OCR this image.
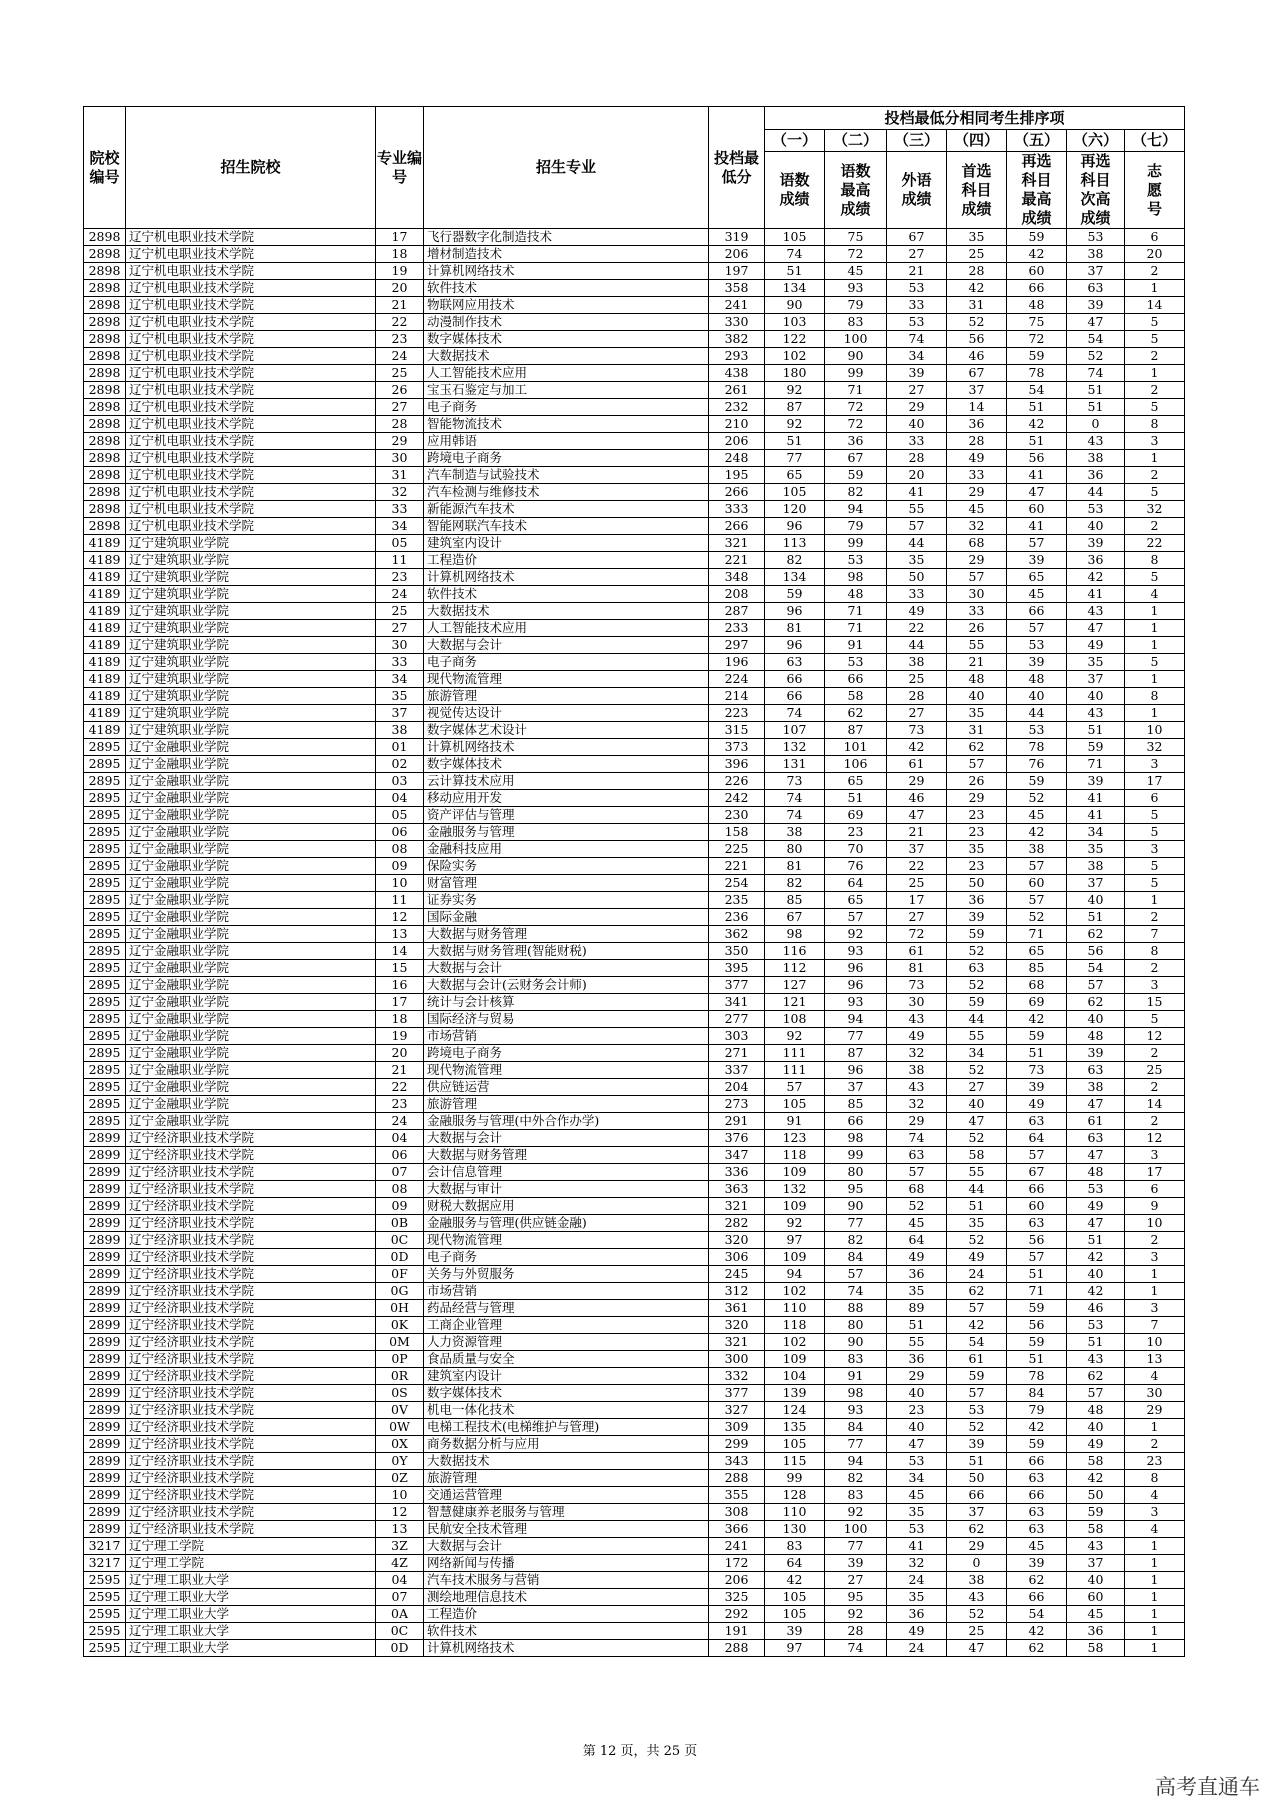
院校编号	招生院校	专业编号	招生专业	投档最低分	投档最低分相同考生排序项						
					（一）	（二）	（三）	（四）	（五）	（六）	（七）
					语数成绩	语数最高成绩	外语成绩	首选科目成绩	再选科目最高成绩	再选科目次高成绩	志愿号
2898	辽宁机电职业技术学院	17	飞行器数字化制造技术	319	105	75	67	35	59	53	6
2898	辽宁机电职业技术学院	18	增材制造技术	206	74	72	27	25	42	38	20
2898	辽宁机电职业技术学院	19	计算机网络技术	197	51	45	21	28	60	37	2
2898	辽宁机电职业技术学院	20	软件技术	358	134	93	53	42	66	63	1
2898	辽宁机电职业技术学院	21	物联网应用技术	241	90	79	33	31	48	39	14
2898	辽宁机电职业技术学院	22	动漫制作技术	330	103	83	53	52	75	47	5
2898	辽宁机电职业技术学院	23	数字媒体技术	382	122	100	74	56	72	54	5
2898	辽宁机电职业技术学院	24	大数据技术	293	102	90	34	46	59	52	2
2898	辽宁机电职业技术学院	25	人工智能技术应用	438	180	99	39	67	78	74	1
2898	辽宁机电职业技术学院	26	宝玉石鉴定与加工	261	92	71	27	37	54	51	2
2898	辽宁机电职业技术学院	27	电子商务	232	87	72	29	14	51	51	5
2898	辽宁机电职业技术学院	28	智能物流技术	210	92	72	40	36	42	0	8
2898	辽宁机电职业技术学院	29	应用韩语	206	51	36	33	28	51	43	3
2898	辽宁机电职业技术学院	30	跨境电子商务	248	77	67	28	49	56	38	1
2898	辽宁机电职业技术学院	31	汽车制造与试验技术	195	65	59	20	33	41	36	2
2898	辽宁机电职业技术学院	32	汽车检测与维修技术	266	105	82	41	29	47	44	5
2898	辽宁机电职业技术学院	33	新能源汽车技术	333	120	94	55	45	60	53	32
2898	辽宁机电职业技术学院	34	智能网联汽车技术	266	96	79	57	32	41	40	2
4189	辽宁建筑职业学院	05	建筑室内设计	321	113	99	44	68	57	39	22
4189	辽宁建筑职业学院	11	工程造价	221	82	53	35	29	39	36	8
4189	辽宁建筑职业学院	23	计算机网络技术	348	134	98	50	57	65	42	5
4189	辽宁建筑职业学院	24	软件技术	208	59	48	33	30	45	41	4
4189	辽宁建筑职业学院	25	大数据技术	287	96	71	49	33	66	43	1
4189	辽宁建筑职业学院	27	人工智能技术应用	233	81	71	22	26	57	47	1
4189	辽宁建筑职业学院	30	大数据与会计	297	96	91	44	55	53	49	1
4189	辽宁建筑职业学院	33	电子商务	196	63	53	38	21	39	35	5
4189	辽宁建筑职业学院	34	现代物流管理	224	66	66	25	48	48	37	1
4189	辽宁建筑职业学院	35	旅游管理	214	66	58	28	40	40	40	8
4189	辽宁建筑职业学院	37	视觉传达设计	223	74	62	27	35	44	43	1
4189	辽宁建筑职业学院	38	数字媒体艺术设计	315	107	87	73	31	53	51	10
2895	辽宁金融职业学院	01	计算机网络技术	373	132	101	42	62	78	59	32
2895	辽宁金融职业学院	02	数字媒体技术	396	131	106	61	57	76	71	3
2895	辽宁金融职业学院	03	云计算技术应用	226	73	65	29	26	59	39	17
2895	辽宁金融职业学院	04	移动应用开发	242	74	51	46	29	52	41	6
2895	辽宁金融职业学院	05	资产评估与管理	230	74	69	47	23	45	41	5
2895	辽宁金融职业学院	06	金融服务与管理	158	38	23	21	23	42	34	5
2895	辽宁金融职业学院	08	金融科技应用	225	80	70	37	35	38	35	3
2895	辽宁金融职业学院	09	保险实务	221	81	76	22	23	57	38	5
2895	辽宁金融职业学院	10	财富管理	254	82	64	25	50	60	37	5
2895	辽宁金融职业学院	11	证券实务	235	85	65	17	36	57	40	1
2895	辽宁金融职业学院	12	国际金融	236	67	57	27	39	52	51	2
2895	辽宁金融职业学院	13	大数据与财务管理	362	98	92	72	59	71	62	7
2895	辽宁金融职业学院	14	大数据与财务管理(智能财税)	350	116	93	61	52	65	56	8
2895	辽宁金融职业学院	15	大数据与会计	395	112	96	81	63	85	54	2
2895	辽宁金融职业学院	16	大数据与会计(云财务会计师)	377	127	96	73	52	68	57	3
2895	辽宁金融职业学院	17	统计与会计核算	341	121	93	30	59	69	62	15
2895	辽宁金融职业学院	18	国际经济与贸易	277	108	94	43	44	42	40	5
2895	辽宁金融职业学院	19	市场营销	303	92	77	49	55	59	48	12
2895	辽宁金融职业学院	20	跨境电子商务	271	111	87	32	34	51	39	2
2895	辽宁金融职业学院	21	现代物流管理	337	111	96	38	52	73	63	25
2895	辽宁金融职业学院	22	供应链运营	204	57	37	43	27	39	38	2
2895	辽宁金融职业学院	23	旅游管理	273	105	85	32	40	49	47	14
2895	辽宁金融职业学院	24	金融服务与管理(中外合作办学)	291	91	66	29	47	63	61	2
2899	辽宁经济职业技术学院	04	大数据与会计	376	123	98	74	52	64	63	12
2899	辽宁经济职业技术学院	06	大数据与财务管理	347	118	99	63	58	57	47	3
2899	辽宁经济职业技术学院	07	会计信息管理	336	109	80	57	55	67	48	17
2899	辽宁经济职业技术学院	08	大数据与审计	363	132	95	68	44	66	53	6
2899	辽宁经济职业技术学院	09	财税大数据应用	321	109	90	52	51	60	49	9
2899	辽宁经济职业技术学院	0B	金融服务与管理(供应链金融)	282	92	77	45	35	63	47	10
2899	辽宁经济职业技术学院	0C	现代物流管理	320	97	82	64	52	56	51	2
2899	辽宁经济职业技术学院	0D	电子商务	306	109	84	49	49	57	42	3
2899	辽宁经济职业技术学院	0F	关务与外贸服务	245	94	57	36	24	51	40	1
2899	辽宁经济职业技术学院	0G	市场营销	312	102	74	35	62	71	42	1
2899	辽宁经济职业技术学院	0H	药品经营与管理	361	110	88	89	57	59	46	3
2899	辽宁经济职业技术学院	0K	工商企业管理	320	118	80	51	42	56	53	7
2899	辽宁经济职业技术学院	0M	人力资源管理	321	102	90	55	54	59	51	10
2899	辽宁经济职业技术学院	0P	食品质量与安全	300	109	83	36	61	51	43	13
2899	辽宁经济职业技术学院	0R	建筑室内设计	332	104	91	29	59	78	62	4
2899	辽宁经济职业技术学院	0S	数字媒体技术	377	139	98	40	57	84	57	30
2899	辽宁经济职业技术学院	0V	机电一体化技术	327	124	93	23	53	79	48	29
2899	辽宁经济职业技术学院	0W	电梯工程技术(电梯维护与管理)	309	135	84	40	52	42	40	1
2899	辽宁经济职业技术学院	0X	商务数据分析与应用	299	105	77	47	39	59	49	2
2899	辽宁经济职业技术学院	0Y	大数据技术	343	115	94	53	51	66	58	23
2899	辽宁经济职业技术学院	0Z	旅游管理	288	99	82	34	50	63	42	8
2899	辽宁经济职业技术学院	10	交通运营管理	355	128	83	45	66	66	50	4
2899	辽宁经济职业技术学院	12	智慧健康养老服务与管理	308	110	92	35	37	63	59	3
2899	辽宁经济职业技术学院	13	民航安全技术管理	366	130	100	53	62	63	58	4
3217	辽宁理工学院	3Z	大数据与会计	241	83	77	41	29	45	43	1
3217	辽宁理工学院	4Z	网络新闻与传播	172	64	39	32	0	39	37	1
2595	辽宁理工职业大学	04	汽车技术服务与营销	206	42	27	24	38	62	40	1
2595	辽宁理工职业大学	07	测绘地理信息技术	325	105	95	35	43	66	60	1
2595	辽宁理工职业大学	0A	工程造价	292	105	92	36	52	54	45	1
2595	辽宁理工职业大学	0C	软件技术	191	39	28	49	25	42	36	1
2595	辽宁理工职业大学	0D	计算机网络技术	288	97	74	24	47	62	58	1
第 12 页，共 25 页
高考直通车
